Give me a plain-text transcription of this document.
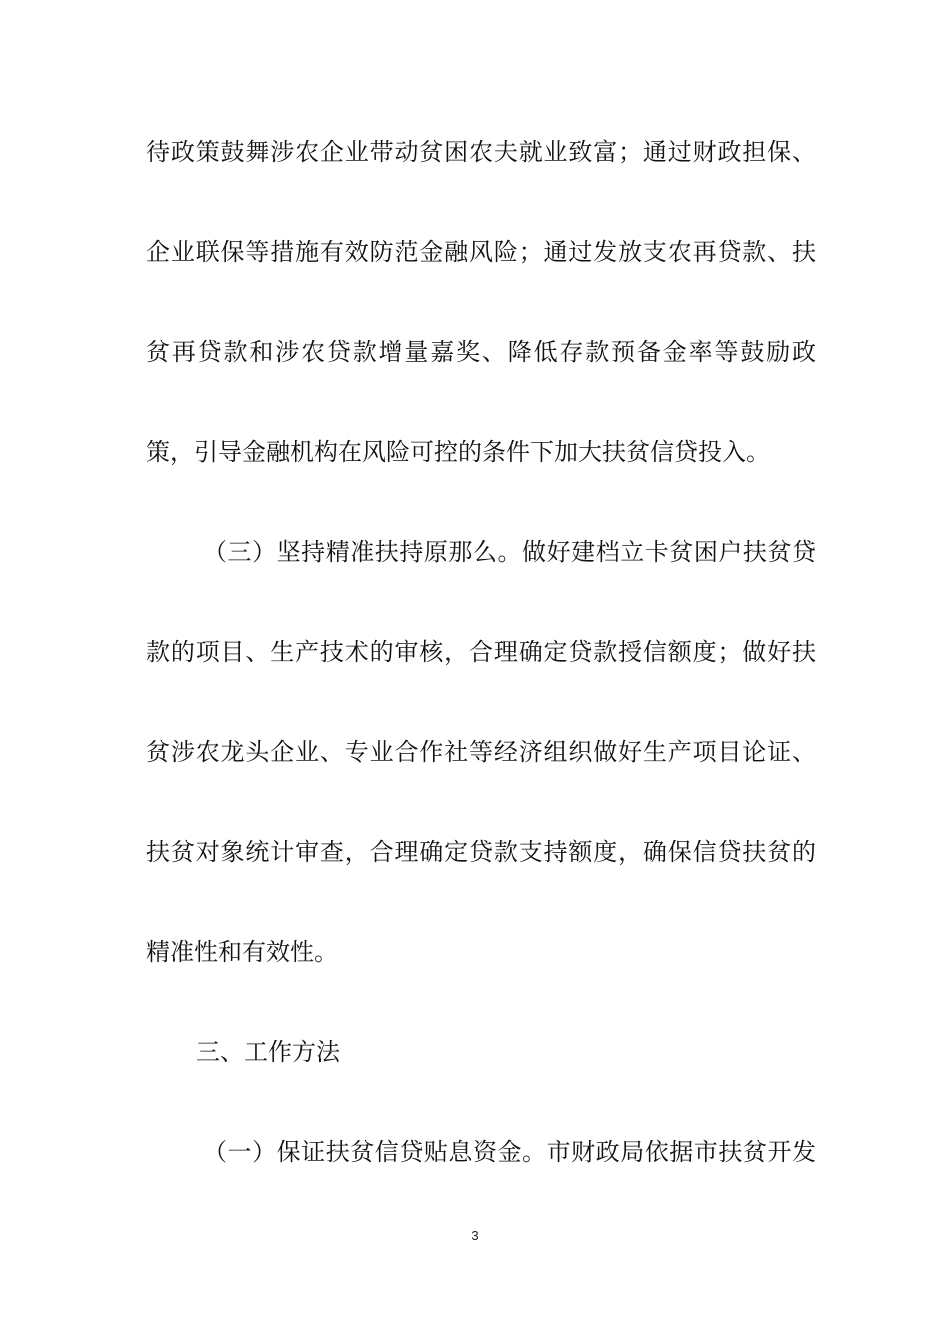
待政策鼓舞涉农企业带动贫困农夫就业致富；通过财政担保、
企业联保等措施有效防范金融风险；通过发放支农再贷款、扶
贫再贷款和涉农贷款增量嘉奖、降低存款预备金率等鼓励政
策，引导金融机构在风险可控的条件下加大扶贫信贷投入。
（三）坚持精准扶持原那么。做好建档立卡贫困户扶贫贷
款的项目、生产技术的审核，合理确定贷款授信额度；做好扶
贫涉农龙头企业、专业合作社等经济组织做好生产项目论证、
扶贫对象统计审查，合理确定贷款支持额度，确保信贷扶贫的
精准性和有效性。
三、工作方法
（一）保证扶贫信贷贴息资金。市财政局依据市扶贫开发
3
